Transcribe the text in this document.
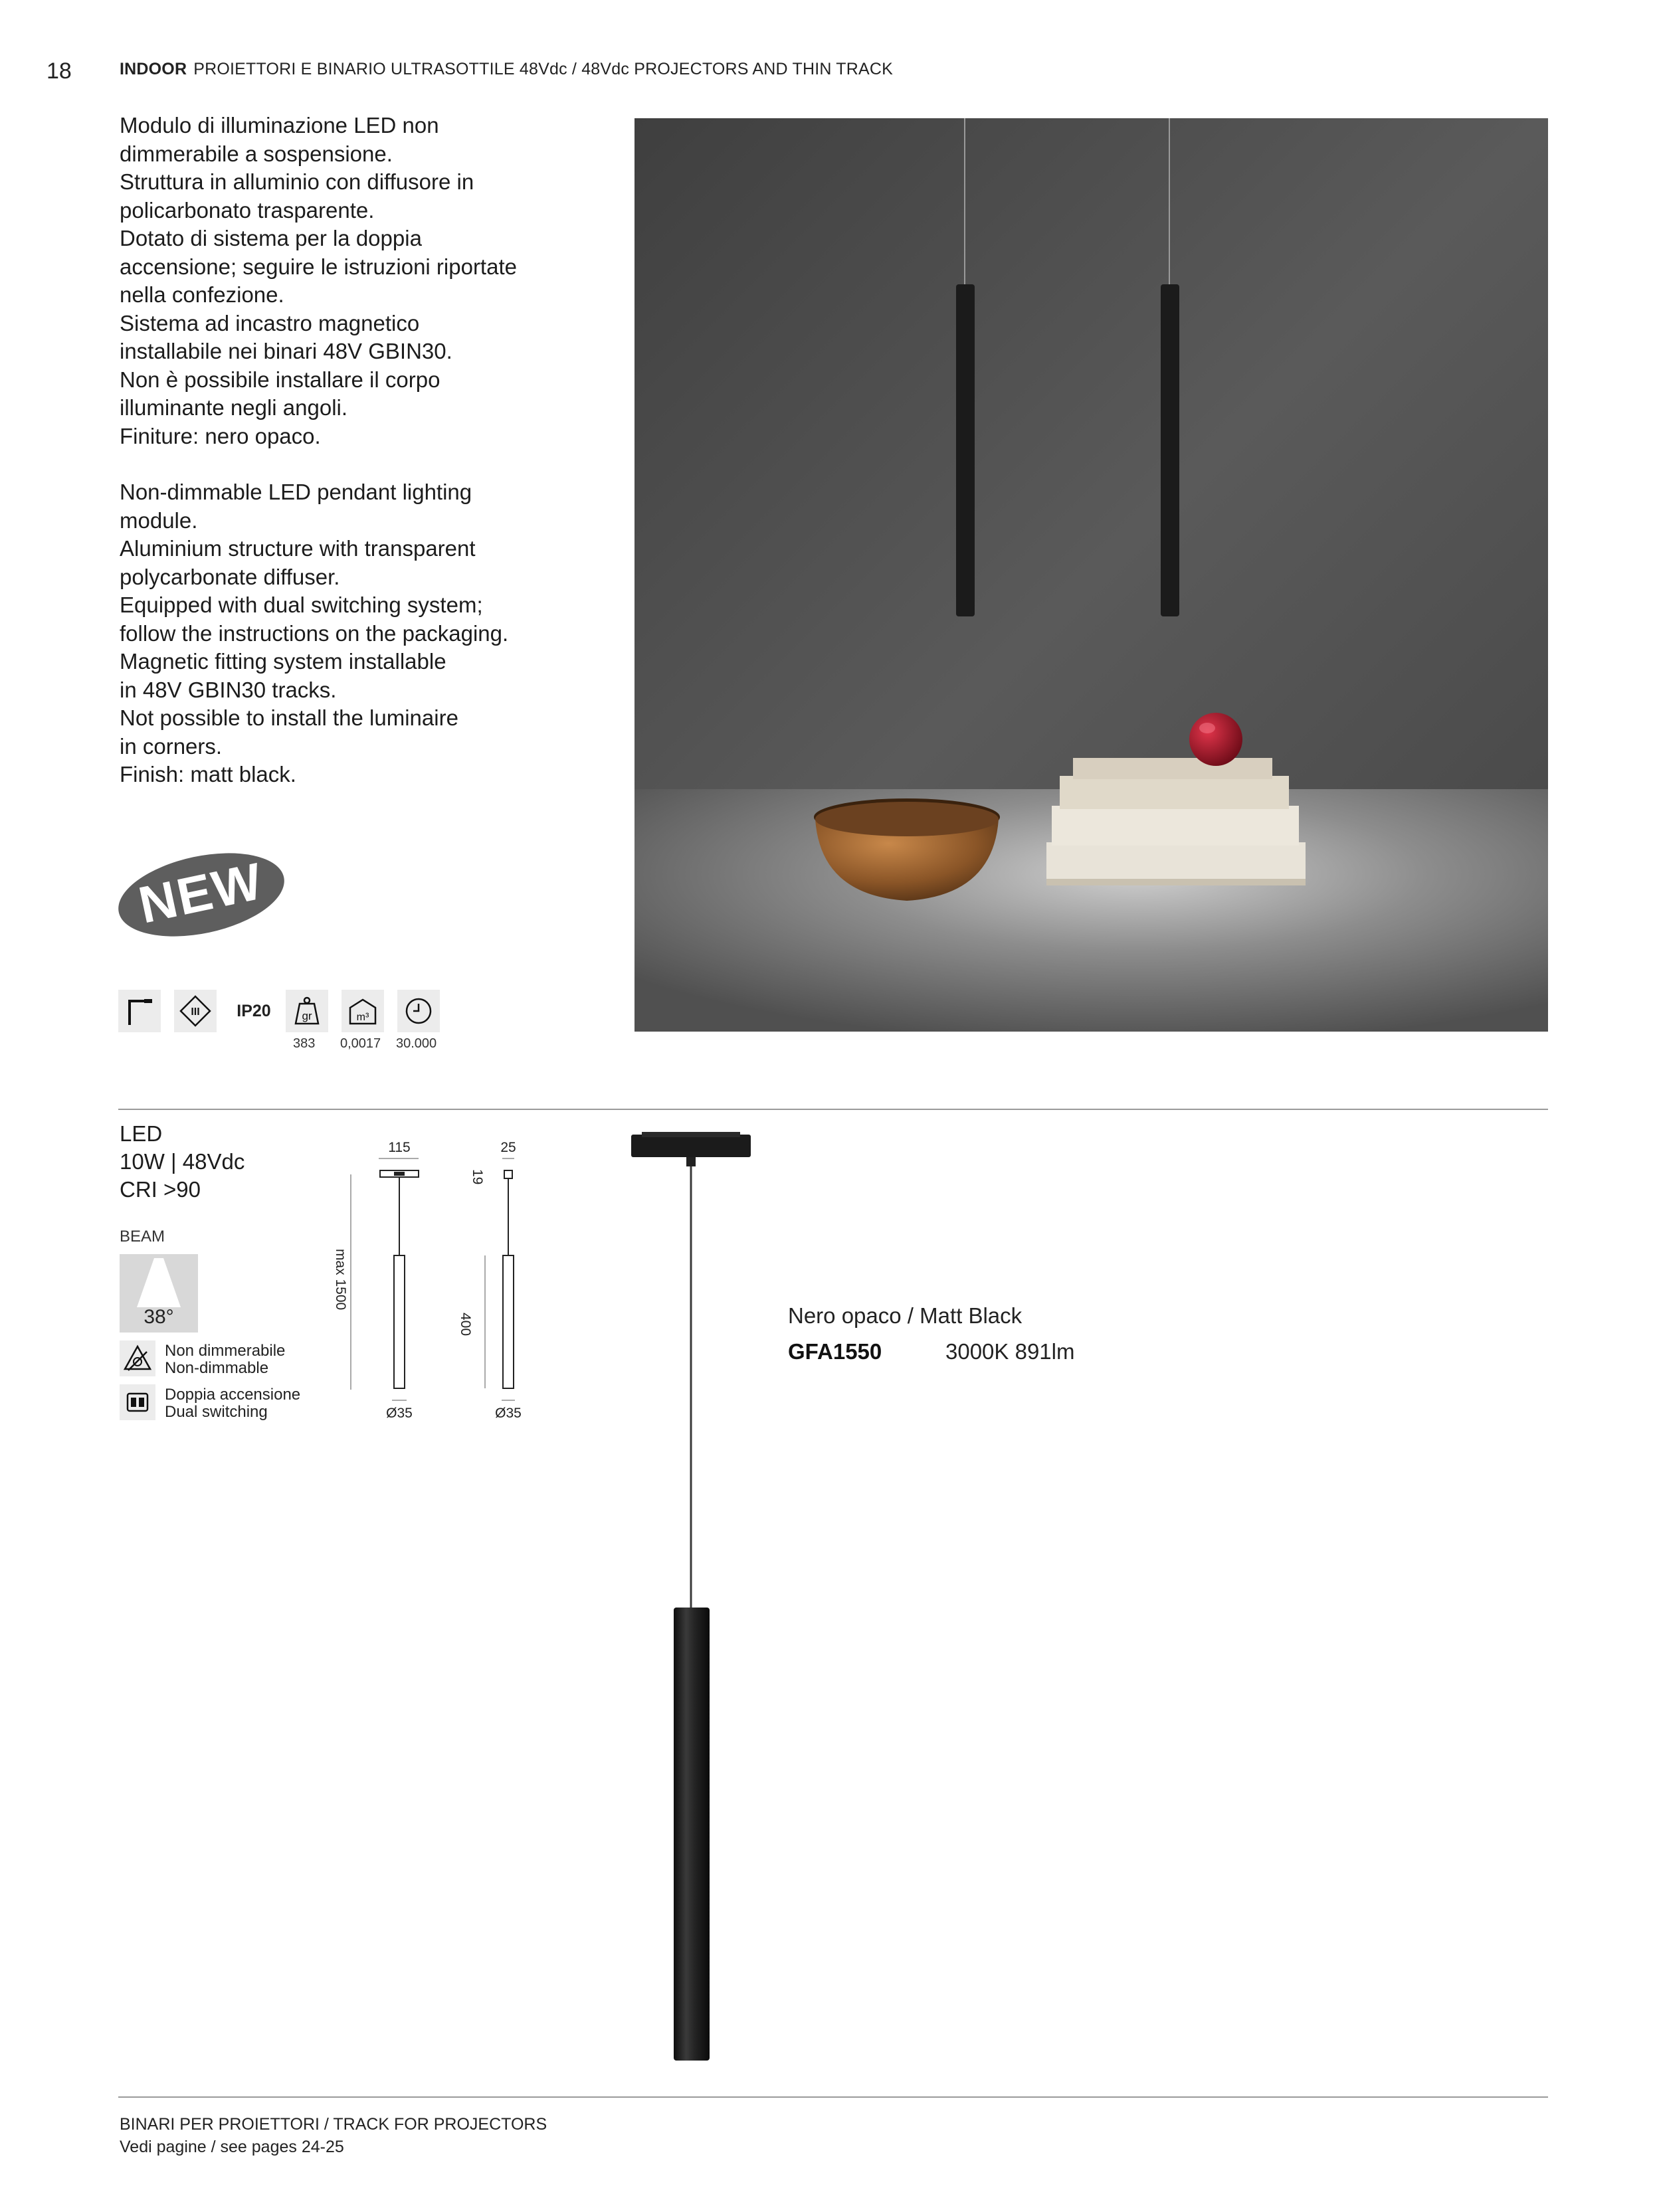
18	INDOOR PROIETTORI E BINARIO ULTRASOTTILE 48Vdc / 48Vdc PROJECTORS AND THIN TRACK

Modulo di illuminazione LED non
dimmerabile a sospensione.
Struttura in alluminio con diffusore in
policarbonato trasparente.
Dotato di sistema per la doppia
accensione; seguire le istruzioni riportate
nella confezione.
Sistema ad incastro magnetico
installabile nei binari 48V GBIN30.
Non è possibile installare il corpo
illuminante negli angoli.
Finiture: nero opaco.

Non-dimmable LED pendant lighting
module.
Aluminium structure with transparent
polycarbonate diffuser.
Equipped with dual switching system;
follow the instructions on the packaging.
Magnetic fitting system installable
in 48V GBIN30 tracks.
Not possible to install the luminaire
in corners.
Finish: matt black.

NEW
III	IP20	gr	m³
383 0,0017 30.000
LED
10W | 48Vdc
CRI >90
BEAM
38°
Non dimmerabile
Non-dimmable
Doppia accensione
Dual switching
115
max 1500
Ø35
25
19
400
Ø35
Nero opaco / Matt Black
GFA1550	3000K 891lm
BINARI PER PROIETTORI / TRACK FOR PROJECTORS
Vedi pagine / see pages 24-25
